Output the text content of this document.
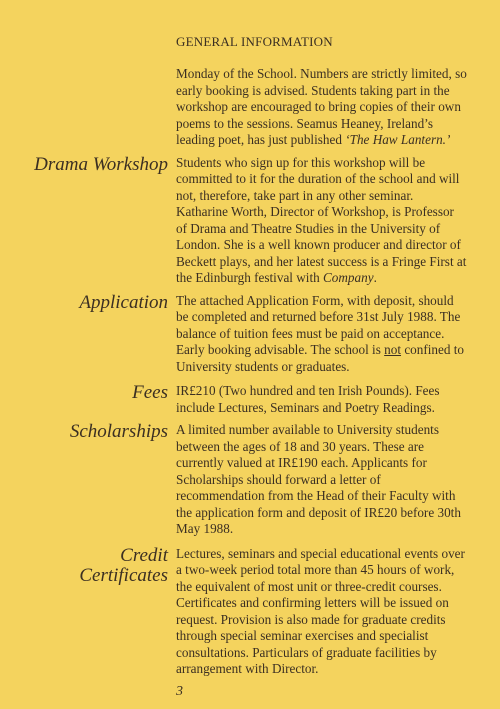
GENERAL INFORMATION

Monday of the School. Numbers are strictly limited, so early booking is advised. Students taking part in the workshop are encouraged to bring copies of their own poems to the sessions. Seamus Heaney, Ireland’s leading poet, has just published ‘The Haw Lantern.’

Drama Workshop Students who sign up for this workshop will be committed to it for the duration of the school and will not, therefore, take part in any other seminar.

Katharine Worth, Director of Workshop, is Professor of Drama and Theatre Studies in the University of London. She is a well known producer and director of Beckett plays, and her latest success is a Fringe First at the Edinburgh festival with Company.

Application The attached Application Form, with deposit, should be completed and returned before 31st July 1988. The balance of tuition fees must be paid on acceptance. Early booking advisable. The school is not confined to University students or graduates.

Fees IR£210 (Two hundred and ten Irish Pounds). Fees include Lectures, Seminars and Poetry Readings.

Scholarships A limited number available to University students between the ages of 18 and 30 years. These are currently valued at IR£190 each. Applicants for Scholarships should forward a letter of recommendation from the Head of their Faculty with the application form and deposit of IR£20 before 30th May 1988.

Credit
Certificates

Lectures, seminars and special educational events over a two-week period total more than 45 hours of work, the equivalent of most unit or three-credit courses. Certificates and confirming letters will be issued on request. Provision is also made for graduate credits through special seminar exercises and specialist consultations. Particulars of graduate facilities by arrangement with Director.

3
